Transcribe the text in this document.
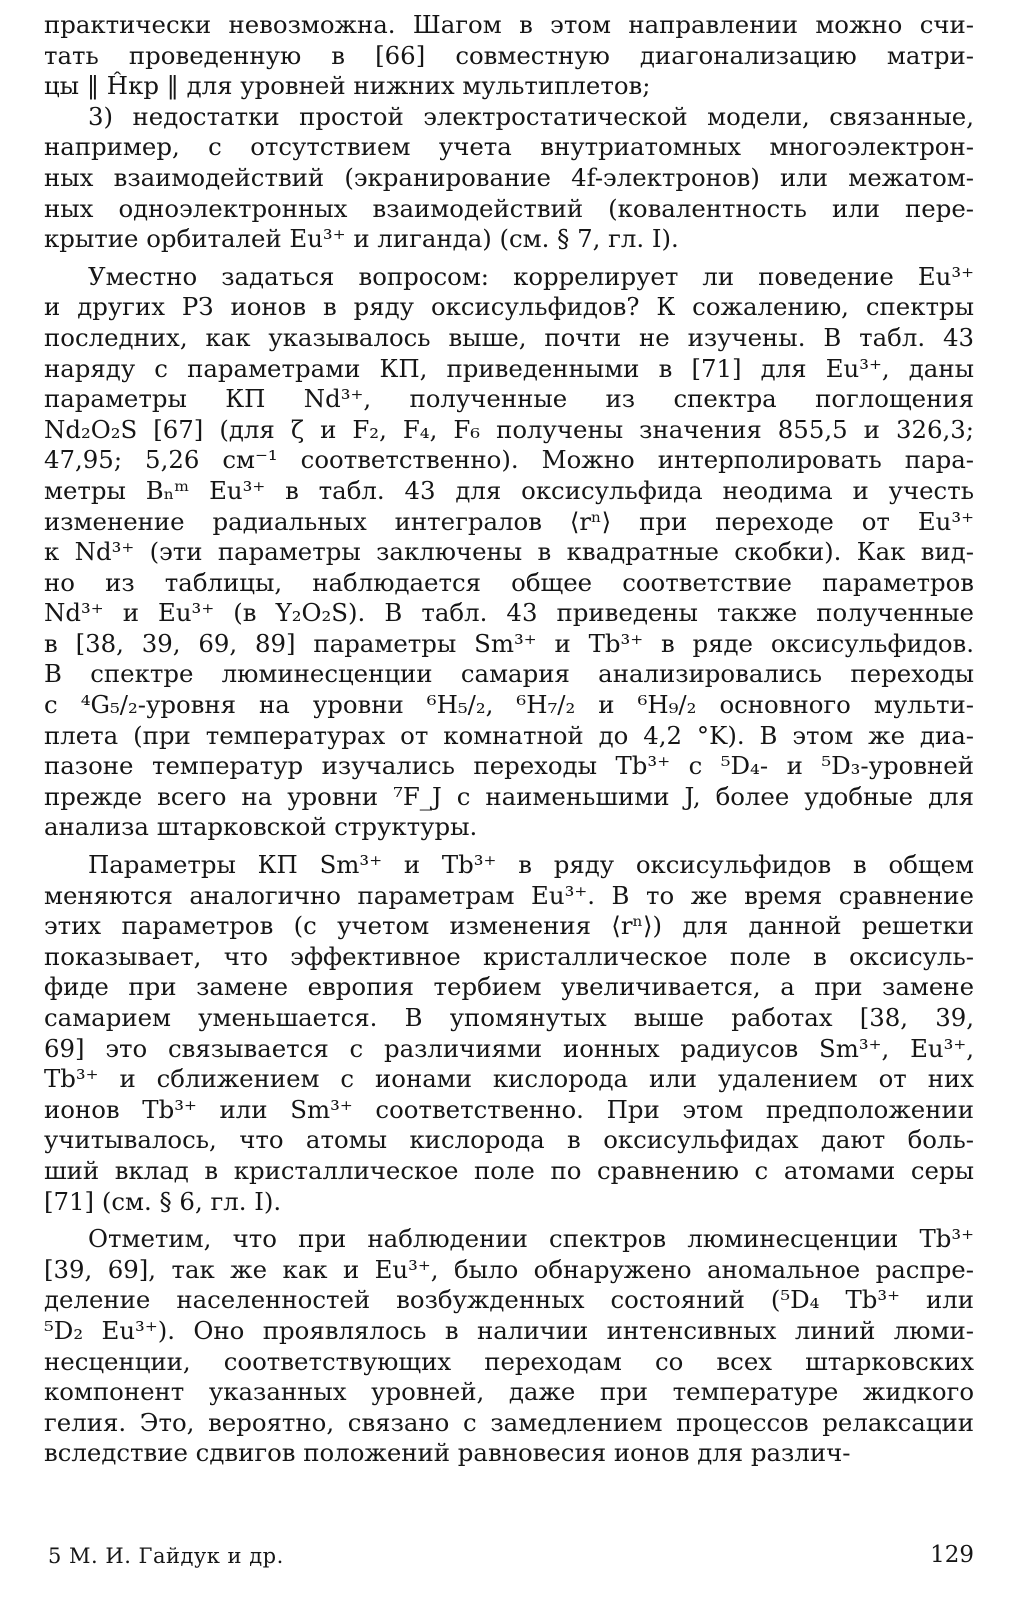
практически невозможна. Шагом в этом направлении можно счи-
тать проведенную в [66] совместную диагонализацию матри-
цы ‖ Ĥкр ‖ для уровней нижних мультиплетов;
3) недостатки простой электростатической модели, связанные,
например, с отсутствием учета внутриатомных многоэлектрон-
ных взаимодействий (экранирование 4f-электронов) или межатом-
ных одноэлектронных взаимодействий (ковалентность или пере-
крытие орбиталей Eu³⁺ и лиганда) (см. § 7, гл. I).
Уместно задаться вопросом: коррелирует ли поведение Eu³⁺
и других РЗ ионов в ряду оксисульфидов? К сожалению, спектры
последних, как указывалось выше, почти не изучены. В табл. 43
наряду с параметрами КП, приведенными в [71] для Eu³⁺, даны
параметры КП Nd³⁺, полученные из спектра поглощения
Nd₂O₂S [67] (для ζ и F₂, F₄, F₆ получены значения 855,5 и 326,3;
47,95; 5,26 см⁻¹ соответственно). Можно интерполировать пара-
метры Bₙᵐ Eu³⁺ в табл. 43 для оксисульфида неодима и учесть
изменение радиальных интегралов ⟨rⁿ⟩ при переходе от Eu³⁺
к Nd³⁺ (эти параметры заключены в квадратные скобки). Как вид-
но из таблицы, наблюдается общее соответствие параметров
Nd³⁺ и Eu³⁺ (в Y₂O₂S). В табл. 43 приведены также полученные
в [38, 39, 69, 89] параметры Sm³⁺ и Tb³⁺ в ряде оксисульфидов.
В спектре люминесценции самария анализировались переходы
с ⁴G₅/₂-уровня на уровни ⁶H₅/₂, ⁶H₇/₂ и ⁶H₉/₂ основного мульти-
плета (при температурах от комнатной до 4,2 °K). В этом же диа-
пазоне температур изучались переходы Tb³⁺ с ⁵D₄- и ⁵D₃-уровней
прежде всего на уровни ⁷F_J с наименьшими J, более удобные для
анализа штарковской структуры.
Параметры КП Sm³⁺ и Tb³⁺ в ряду оксисульфидов в общем
меняются аналогично параметрам Eu³⁺. В то же время сравнение
этих параметров (с учетом изменения ⟨rⁿ⟩) для данной решетки
показывает, что эффективное кристаллическое поле в оксисуль-
фиде при замене европия тербием увеличивается, а при замене
самарием уменьшается. В упомянутых выше работах [38, 39,
69] это связывается с различиями ионных радиусов Sm³⁺, Eu³⁺,
Tb³⁺ и сближением с ионами кислорода или удалением от них
ионов Tb³⁺ или Sm³⁺ соответственно. При этом предположении
учитывалось, что атомы кислорода в оксисульфидах дают боль-
ший вклад в кристаллическое поле по сравнению с атомами серы
[71] (см. § 6, гл. I).
Отметим, что при наблюдении спектров люминесценции Tb³⁺
[39, 69], так же как и Eu³⁺, было обнаружено аномальное распре-
деление населенностей возбужденных состояний (⁵D₄ Tb³⁺ или
⁵D₂ Eu³⁺). Оно проявлялось в наличии интенсивных линий люми-
несценции, соответствующих переходам со всех штарковских
компонент указанных уровней, даже при температуре жидкого
гелия. Это, вероятно, связано с замедлением процессов релаксации
вследствие сдвигов положений равновесия ионов для различ-
5 М. И. Гайдук и др.	129
